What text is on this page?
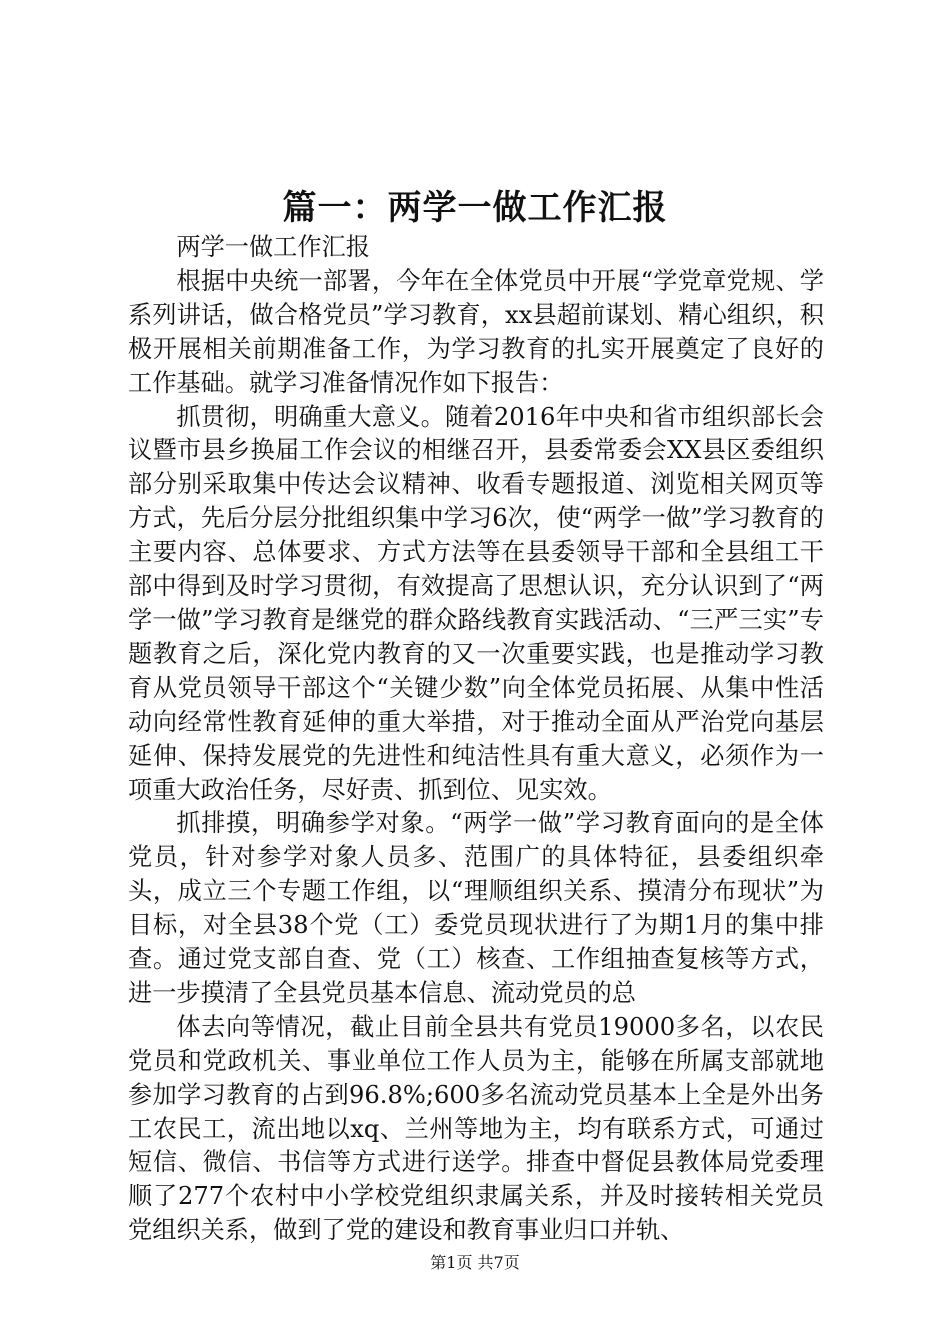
篇一：两学一做工作汇报

两学一做工作汇报

根据中央统一部署，今年在全体党员中开展“学党章党规、学系列讲话，做合格党员”学习教育，xx县超前谋划、精心组织，积极开展相关前期准备工作，为学习教育的扎实开展奠定了良好的工作基础。就学习准备情况作如下报告：

抓贯彻，明确重大意义。随着2016年中央和省市组织部长会议暨市县乡换届工作会议的相继召开，县委常委会XX县区委组织部分别采取集中传达会议精神、收看专题报道、浏览相关网页等方式，先后分层分批组织集中学习6次，使“两学一做”学习教育的主要内容、总体要求、方式方法等在县委领导干部和全县组工干部中得到及时学习贯彻，有效提高了思想认识，充分认识到了“两学一做”学习教育是继党的群众路线教育实践活动、“三严三实”专题教育之后，深化党内教育的又一次重要实践，也是推动学习教育从党员领导干部这个“关键少数”向全体党员拓展、从集中性活动向经常性教育延伸的重大举措，对于推动全面从严治党向基层延伸、保持发展党的先进性和纯洁性具有重大意义，必须作为一项重大政治任务，尽好责、抓到位、见实效。

抓排摸，明确参学对象。“两学一做”学习教育面向的是全体党员，针对参学对象人员多、范围广的具体特征，县委组织牵头，成立三个专题工作组，以“理顺组织关系、摸清分布现状”为目标，对全县38个党（工）委党员现状进行了为期1月的集中排查。通过党支部自查、党（工）核查、工作组抽查复核等方式，进一步摸清了全县党员基本信息、流动党员的总

体去向等情况，截止目前全县共有党员19000多名，以农民党员和党政机关、事业单位工作人员为主，能够在所属支部就地参加学习教育的占到96.8%;600多名流动党员基本上全是外出务工农民工，流出地以xq、兰州等地为主，均有联系方式，可通过短信、微信、书信等方式进行送学。排查中督促县教体局党委理顺了277个农村中小学校党组织隶属关系，并及时接转相关党员党组织关系，做到了党的建设和教育事业归口并轨、

第1页 共7页
